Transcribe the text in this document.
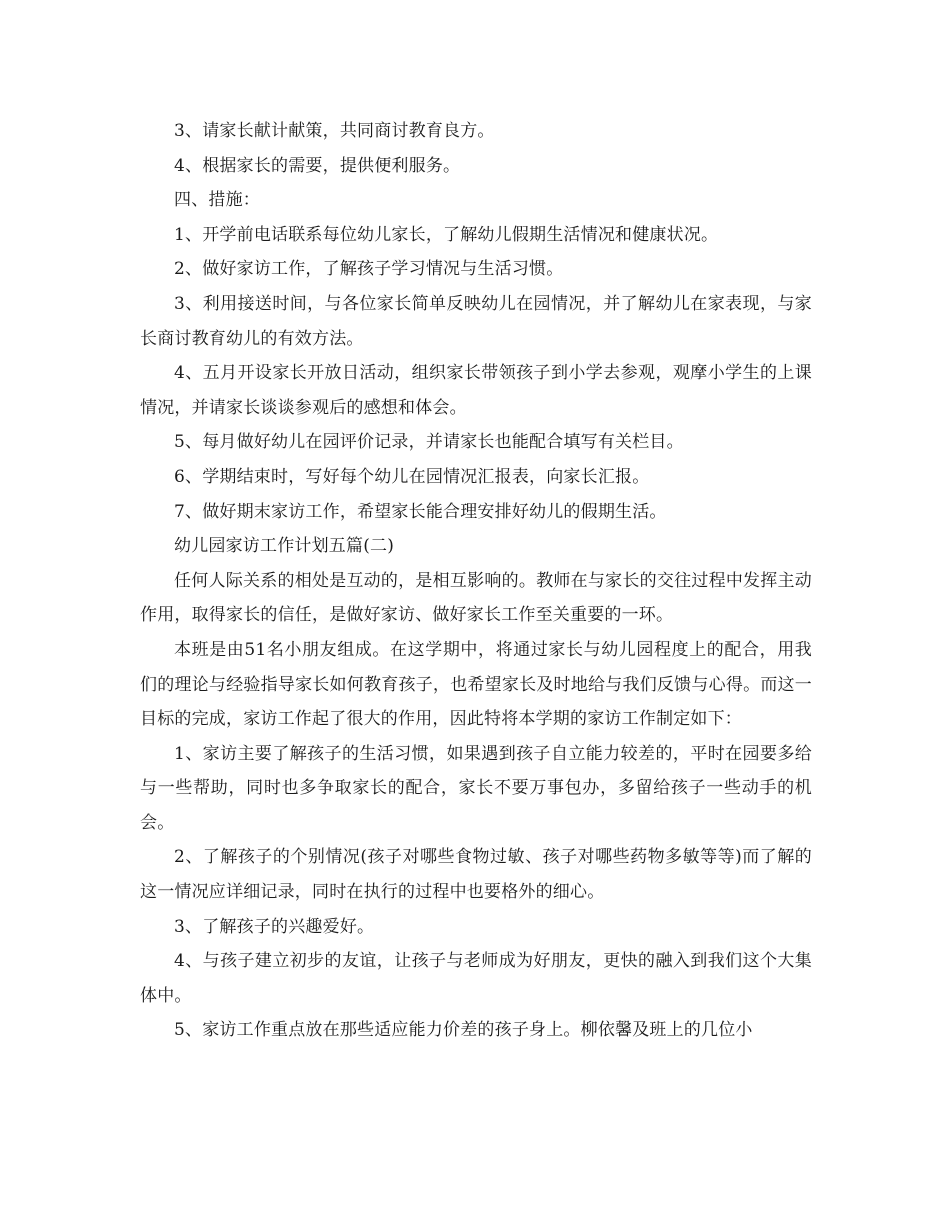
3、请家长献计献策，共同商讨教育良方。

4、根据家长的需要，提供便利服务。

四、措施：

1、开学前电话联系每位幼儿家长，了解幼儿假期生活情况和健康状况。

2、做好家访工作，了解孩子学习情况与生活习惯。

3、利用接送时间，与各位家长简单反映幼儿在园情况，并了解幼儿在家表现，与家长商讨教育幼儿的有效方法。

4、五月开设家长开放日活动，组织家长带领孩子到小学去参观，观摩小学生的上课情况，并请家长谈谈参观后的感想和体会。

5、每月做好幼儿在园评价记录，并请家长也能配合填写有关栏目。

6、学期结束时，写好每个幼儿在园情况汇报表，向家长汇报。

7、做好期末家访工作，希望家长能合理安排好幼儿的假期生活。

幼儿园家访工作计划五篇(二)

任何人际关系的相处是互动的，是相互影响的。教师在与家长的交往过程中发挥主动作用，取得家长的信任，是做好家访、做好家长工作至关重要的一环。

本班是由51名小朋友组成。在这学期中，将通过家长与幼儿园程度上的配合，用我们的理论与经验指导家长如何教育孩子，也希望家长及时地给与我们反馈与心得。而这一目标的完成，家访工作起了很大的作用，因此特将本学期的家访工作制定如下：

1、家访主要了解孩子的生活习惯，如果遇到孩子自立能力较差的，平时在园要多给与一些帮助，同时也多争取家长的配合，家长不要万事包办，多留给孩子一些动手的机会。

2、了解孩子的个别情况(孩子对哪些食物过敏、孩子对哪些药物多敏等等)而了解的这一情况应详细记录，同时在执行的过程中也要格外的细心。

3、了解孩子的兴趣爱好。

4、与孩子建立初步的友谊，让孩子与老师成为好朋友，更快的融入到我们这个大集体中。

5、家访工作重点放在那些适应能力价差的孩子身上。柳依馨及班上的几位小
